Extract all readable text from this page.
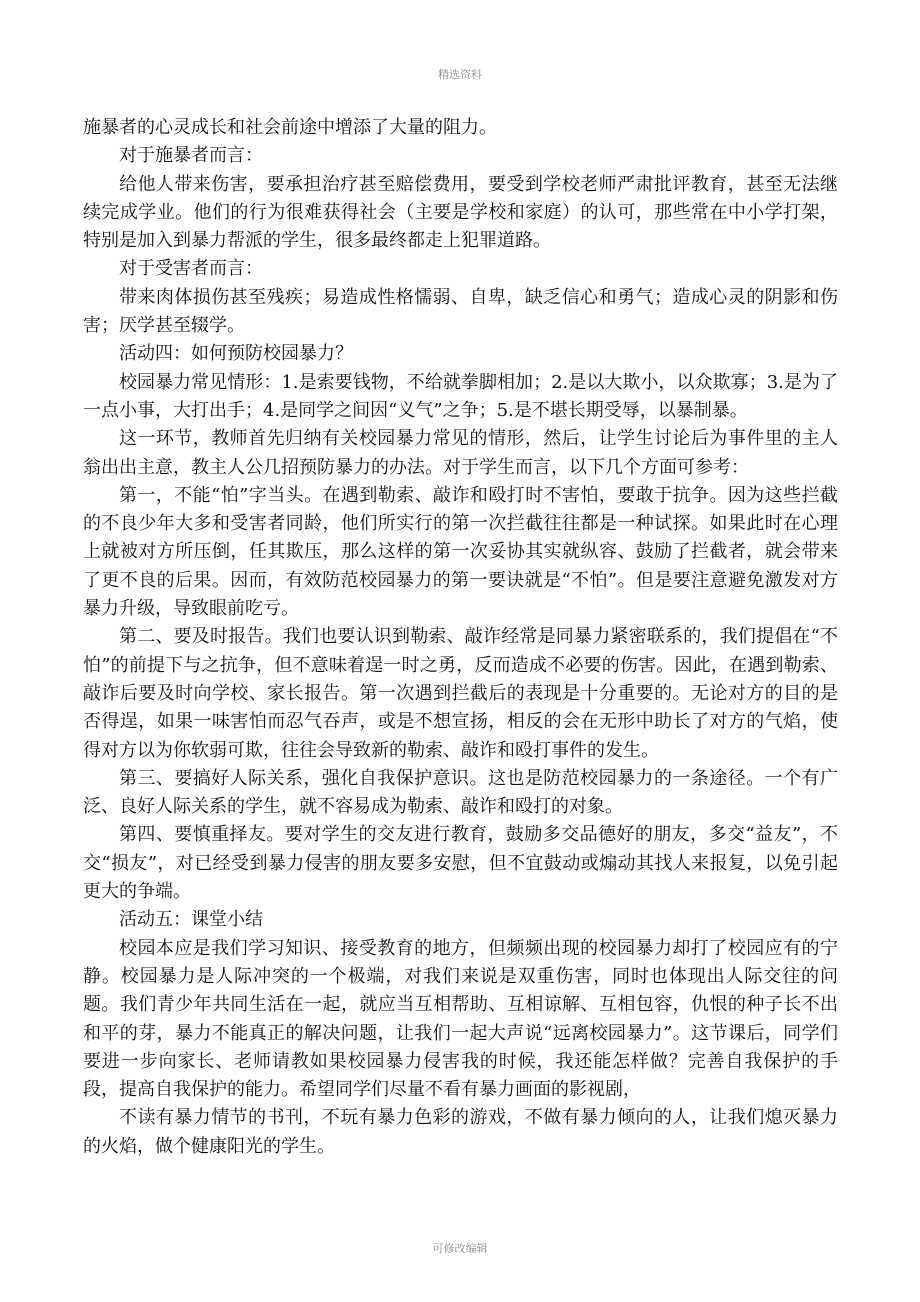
精选资料

施暴者的心灵成长和社会前途中增添了大量的阻力。

对于施暴者而言：

给他人带来伤害，要承担治疗甚至赔偿费用，要受到学校老师严肃批评教育，甚至无法继续完成学业。他们的行为很难获得社会（主要是学校和家庭）的认可，那些常在中小学打架，特别是加入到暴力帮派的学生，很多最终都走上犯罪道路。

对于受害者而言：

带来肉体损伤甚至残疾；易造成性格懦弱、自卑，缺乏信心和勇气；造成心灵的阴影和伤害；厌学甚至辍学。

活动四：如何预防校园暴力？

校园暴力常见情形：1.是索要钱物，不给就拳脚相加；2.是以大欺小，以众欺寡；3.是为了一点小事，大打出手；4.是同学之间因“义气”之争；5.是不堪长期受辱，以暴制暴。

这一环节，教师首先归纳有关校园暴力常见的情形，然后，让学生讨论后为事件里的主人翁出出主意，教主人公几招预防暴力的办法。对于学生而言，以下几个方面可参考：

第一，不能“怕”字当头。在遇到勒索、敲诈和殴打时不害怕，要敢于抗争。因为这些拦截的不良少年大多和受害者同龄，他们所实行的第一次拦截往往都是一种试探。如果此时在心理上就被对方所压倒，任其欺压，那么这样的第一次妥协其实就纵容、鼓励了拦截者，就会带来了更不良的后果。因而，有效防范校园暴力的第一要诀就是“不怕”。但是要注意避免激发对方暴力升级，导致眼前吃亏。

第二、要及时报告。我们也要认识到勒索、敲诈经常是同暴力紧密联系的，我们提倡在“不怕”的前提下与之抗争，但不意味着逞一时之勇，反而造成不必要的伤害。因此，在遇到勒索、敲诈后要及时向学校、家长报告。第一次遇到拦截后的表现是十分重要的。无论对方的目的是否得逞，如果一味害怕而忍气吞声，或是不想宣扬，相反的会在无形中助长了对方的气焰，使得对方以为你软弱可欺，往往会导致新的勒索、敲诈和殴打事件的发生。

第三、要搞好人际关系，强化自我保护意识。这也是防范校园暴力的一条途径。一个有广泛、良好人际关系的学生，就不容易成为勒索、敲诈和殴打的对象。

第四、要慎重择友。要对学生的交友进行教育，鼓励多交品德好的朋友，多交“益友”，不交“损友”，对已经受到暴力侵害的朋友要多安慰，但不宜鼓动或煽动其找人来报复，以免引起更大的争端。

活动五：课堂小结

校园本应是我们学习知识、接受教育的地方，但频频出现的校园暴力却打了校园应有的宁静。校园暴力是人际冲突的一个极端，对我们来说是双重伤害，同时也体现出人际交往的问题。我们青少年共同生活在一起，就应当互相帮助、互相谅解、互相包容，仇恨的种子长不出和平的芽，暴力不能真正的解决问题，让我们一起大声说“远离校园暴力”。这节课后，同学们要进一步向家长、老师请教如果校园暴力侵害我的时候，我还能怎样做？完善自我保护的手段，提高自我保护的能力。希望同学们尽量不看有暴力画面的影视剧，

不读有暴力情节的书刊，不玩有暴力色彩的游戏，不做有暴力倾向的人，让我们熄灭暴力的火焰，做个健康阳光的学生。

可修改编辑
